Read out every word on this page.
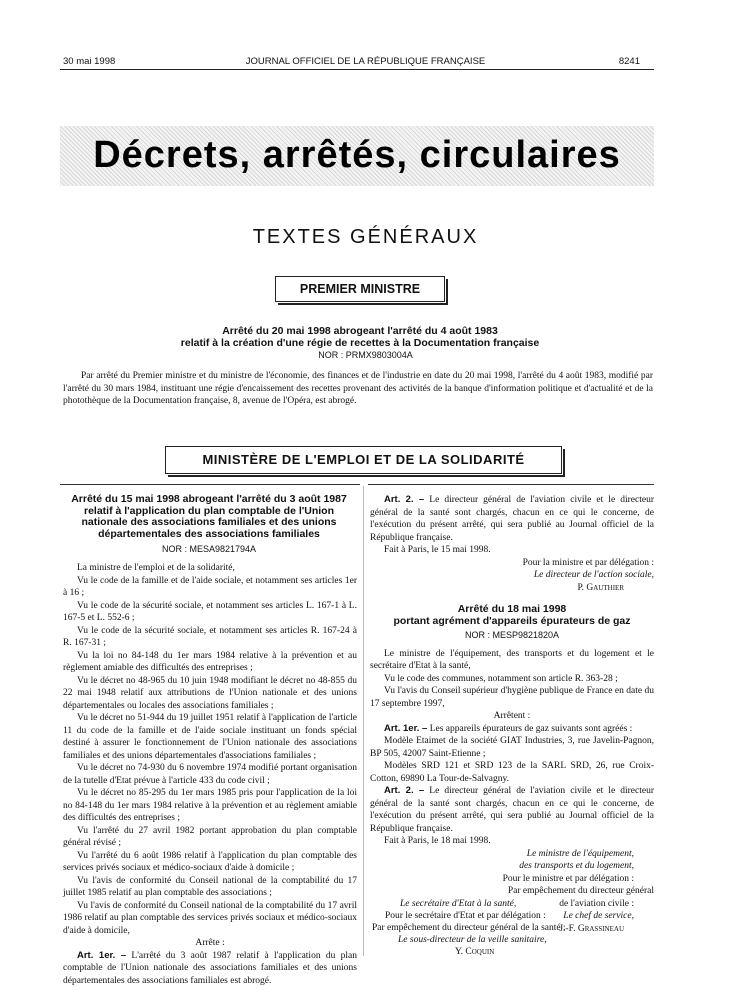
30 mai 1998	JOURNAL OFFICIEL DE LA RÉPUBLIQUE FRANÇAISE	8241
Décrets, arrêtés, circulaires
TEXTES GÉNÉRAUX
PREMIER MINISTRE
Arrêté du 20 mai 1998 abrogeant l'arrêté du 4 août 1983
relatif à la création d'une régie de recettes à la Documentation française
NOR : PRMX9803004A
Par arrêté du Premier ministre et du ministre de l'économie, des finances et de l'industrie en date du 20 mai 1998, l'arrêté du 4 août 1983, modifié par l'arrêté du 30 mars 1984, instituant une régie d'encaissement des recettes provenant des activités de la banque d'information politique et d'actualité et de la photothèque de la Documentation française, 8, avenue de l'Opéra, est abrogé.
MINISTÈRE DE L'EMPLOI ET DE LA SOLIDARITÉ
Arrêté du 15 mai 1998 abrogeant l'arrêté du 3 août 1987 relatif à l'application du plan comptable de l'Union nationale des associations familiales et des unions départementales des associations familiales
NOR : MESA9821794A

La ministre de l'emploi et de la solidarité,

Vu le code de la famille et de l'aide sociale, et notamment ses articles 1er à 16 ;

Vu le code de la sécurité sociale, et notamment ses articles L. 167-1 à L. 167-5 et L. 552-6 ;

Vu le code de la sécurité sociale, et notamment ses articles R. 167-24 à R. 167-31 ;

Vu la loi no 84-148 du 1er mars 1984 relative à la prévention et au règlement amiable des difficultés des entreprises ;

Vu le décret no 48-965 du 10 juin 1948 modifiant le décret no 48-855 du 22 mai 1948 relatif aux attributions de l'Union nationale et des unions départementales ou locales des associations familiales ;

Vu le décret no 51-944 du 19 juillet 1951 relatif à l'application de l'article 11 du code de la famille et de l'aide sociale instituant un fonds spécial destiné à assurer le fonctionnement de l'Union nationale des associations familiales et des unions départementales d'associations familiales ;

Vu le décret no 74-930 du 6 novembre 1974 modifié portant organisation de la tutelle d'Etat prévue à l'article 433 du code civil ;

Vu le décret no 85-295 du 1er mars 1985 pris pour l'application de la loi no 84-148 du 1er mars 1984 relative à la prévention et au règlement amiable des difficultés des entreprises ;

Vu l'arrêté du 27 avril 1982 portant approbation du plan comptable général révisé ;

Vu l'arrêté du 6 août 1986 relatif à l'application du plan comptable des services privés sociaux et médico-sociaux d'aide à domicile ;

Vu l'avis de conformité du Conseil national de la comptabilité du 17 juillet 1985 relatif au plan comptable des associations ;

Vu l'avis de conformité du Conseil national de la comptabilité du 17 avril 1986 relatif au plan comptable des services privés sociaux et médico-sociaux d'aide à domicile,

Arrête :

Art. 1er. – L'arrêté du 3 août 1987 relatif à l'application du plan comptable de l'Union nationale des associations familiales et des unions départementales des associations familiales est abrogé.

Art. 2. – Le directeur général de l'aviation civile et le directeur général de la santé sont chargés, chacun en ce qui le concerne, de l'exécution du présent arrêté, qui sera publié au Journal officiel de la République française.

Fait à Paris, le 15 mai 1998.

Pour la ministre et par délégation :
Le directeur de l'action sociale,
P. Gauthier
Arrêté du 18 mai 1998
portant agrément d'appareils épurateurs de gaz
NOR : MESP9821820A

Le ministre de l'équipement, des transports et du logement et le secrétaire d'Etat à la santé,

Vu le code des communes, notamment son article R. 363-28 ;

Vu l'avis du Conseil supérieur d'hygiène publique de France en date du 17 septembre 1997,

Arrêtent :

Art. 1er. – Les appareils épurateurs de gaz suivants sont agréés :

Modèle Etaimet de la société GIAT Industries, 3, rue Javelin-Pagnon, BP 505, 42007 Saint-Etienne ;

Modèles SRD 121 et SRD 123 de la SARL SRD, 26, rue Croix-Cotton, 69890 La Tour-de-Salvagny.

Art. 2. – Le directeur général de l'aviation civile et le directeur général de la santé sont chargés, chacun en ce qui le concerne, de l'exécution du présent arrêté, qui sera publié au Journal officiel de la République française.

Fait à Paris, le 18 mai 1998.

Le ministre de l'équipement,
des transports et du logement,
Pour le ministre et par délégation :
Par empêchement du directeur général
de l'aviation civile :
Le chef de service,
J.-F. Grassineau
Le secrétaire d'Etat à la santé,
Pour le secrétaire d'Etat et par délégation :
Par empêchement du directeur général de la santé :
Le sous-directeur de la veille sanitaire,
Y. Coquin
